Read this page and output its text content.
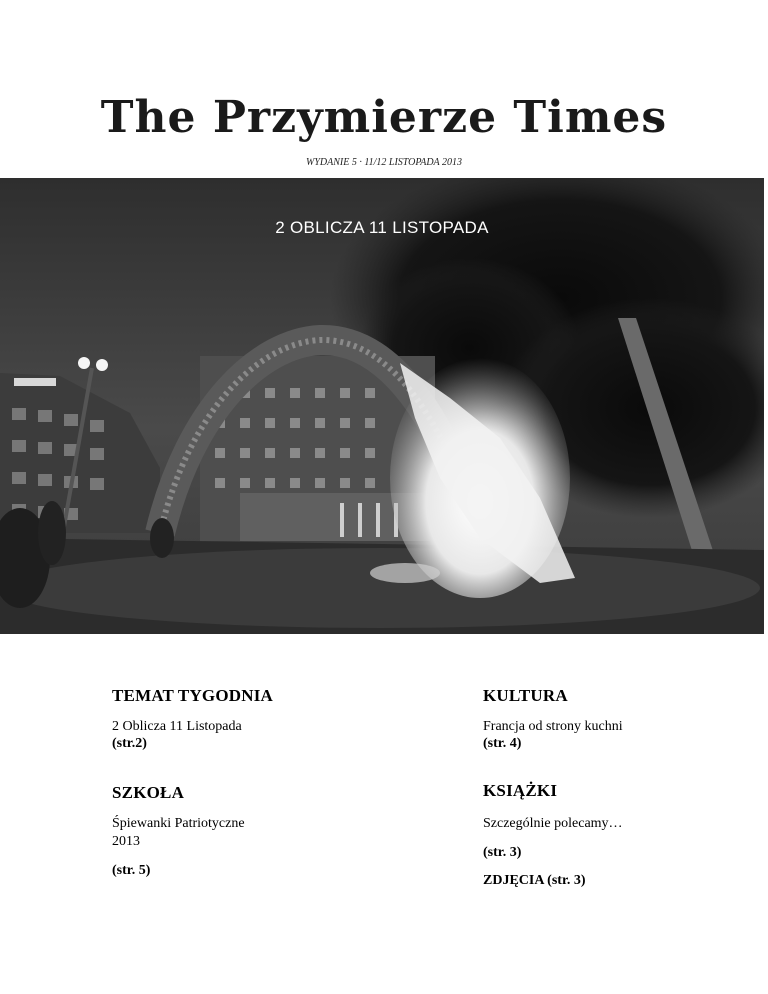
The Przymierze Times
WYDANIE 5 · 11/12 LISTOPADA 2013
2 OBLICZA 11 LISTOPADA
TEMAT TYGODNIA
2 Oblicza 11 Listopada
(str.2)
KULTURA
Francja od strony kuchni
(str. 4)
SZKOŁA
Śpiewanki Patriotyczne
2013
(str. 5)
KSIĄŻKI
Szczególnie polecamy…
(str. 3)
ZDJĘCIA (str. 3)
